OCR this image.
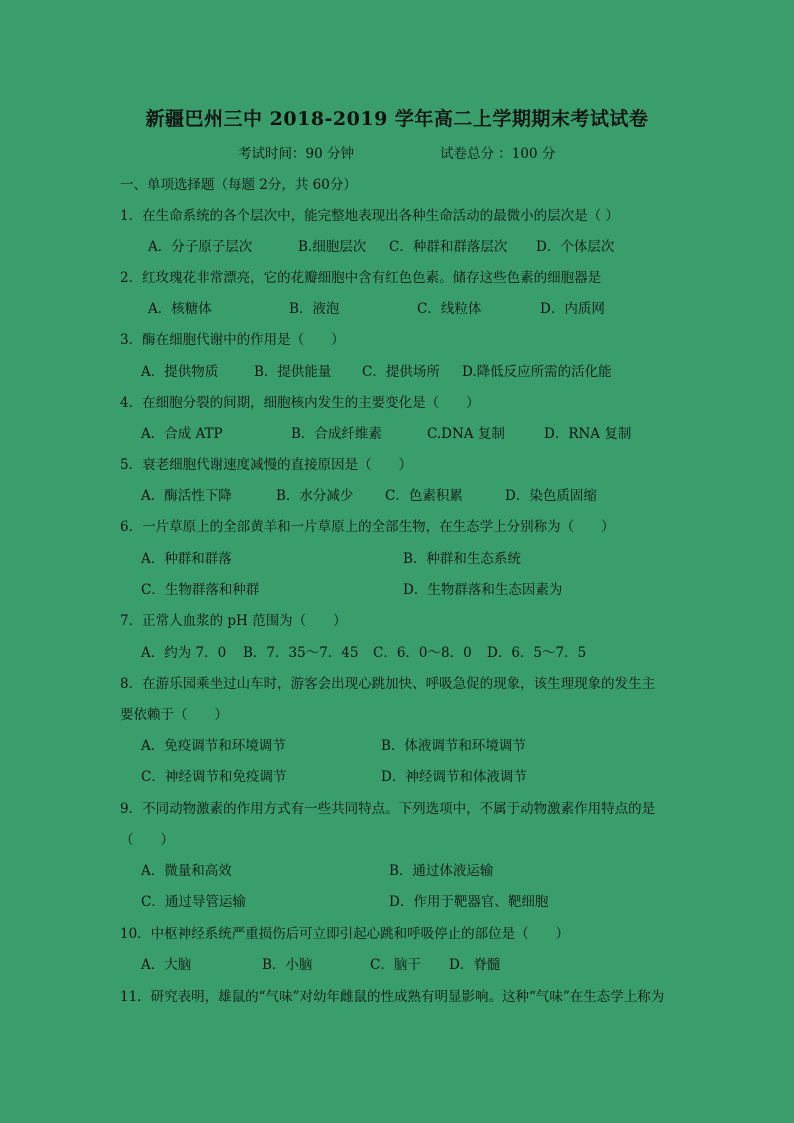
新疆巴州三中 2018-2019 学年高二上学期期末考试试卷
考试时间：90 分钟	试卷总分 ：100 分
一、单项选择题（每题 2分，共 60分）
1．在生命系统的各个层次中，能完整地表现出各种生命活动的最微小的层次是（ ）
A．分子原子层次	B.细胞层次 C．种群和群落层次 D．个体层次
2．红玫瑰花非常漂亮，它的花瓣细胞中含有红色色素。储存这些色素的细胞器是
A．核糖体	B．液泡	C．线粒体	D．内质网
3．酶在细胞代谢中的作用是（　　）
A．提供物质	B．提供能量 C．提供场所 D.降低反应所需的活化能
4．在细胞分裂的间期，细胞核内发生的主要变化是（　　）
A．合成 ATP	B．合成纤维素	C.DNA 复制	D．RNA 复制
5．衰老细胞代谢速度减慢的直接原因是（　　）
A．酶活性下降	B．水分减少 C．色素积累	D．染色质固缩
6．一片草原上的全部黄羊和一片草原上的全部生物，在生态学上分别称为（　　）
A．种群和群落	B．种群和生态系统
C．生物群落和种群	D．生物群落和生态因素为
7．正常人血浆的 pH 范围为（　　）
A．约为 7．0 B．7．35～7．45 C．6．0～8．0 D．6．5～7．5
8．在游乐园乘坐过山车时，游客会出现心跳加快、呼吸急促的现象，该生理现象的发生主
要依赖于（　　）
A．免疫调节和环境调节	B．体液调节和环境调节
C．神经调节和免疫调节	D．神经调节和体液调节
9．不同动物激素的作用方式有一些共同特点。下列选项中，不属于动物激素作用特点的是
（　　）
A．微量和高效	B．通过体液运输
C．通过导管运输	D．作用于靶器官、靶细胞
10．中枢神经系统严重损伤后可立即引起心跳和呼吸停止的部位是（　　）
A．大脑	B．小脑	C．脑干 D．脊髓
11．研究表明，雄鼠的“气味”对幼年雌鼠的性成熟有明显影响。这种“气味”在生态学上称为
